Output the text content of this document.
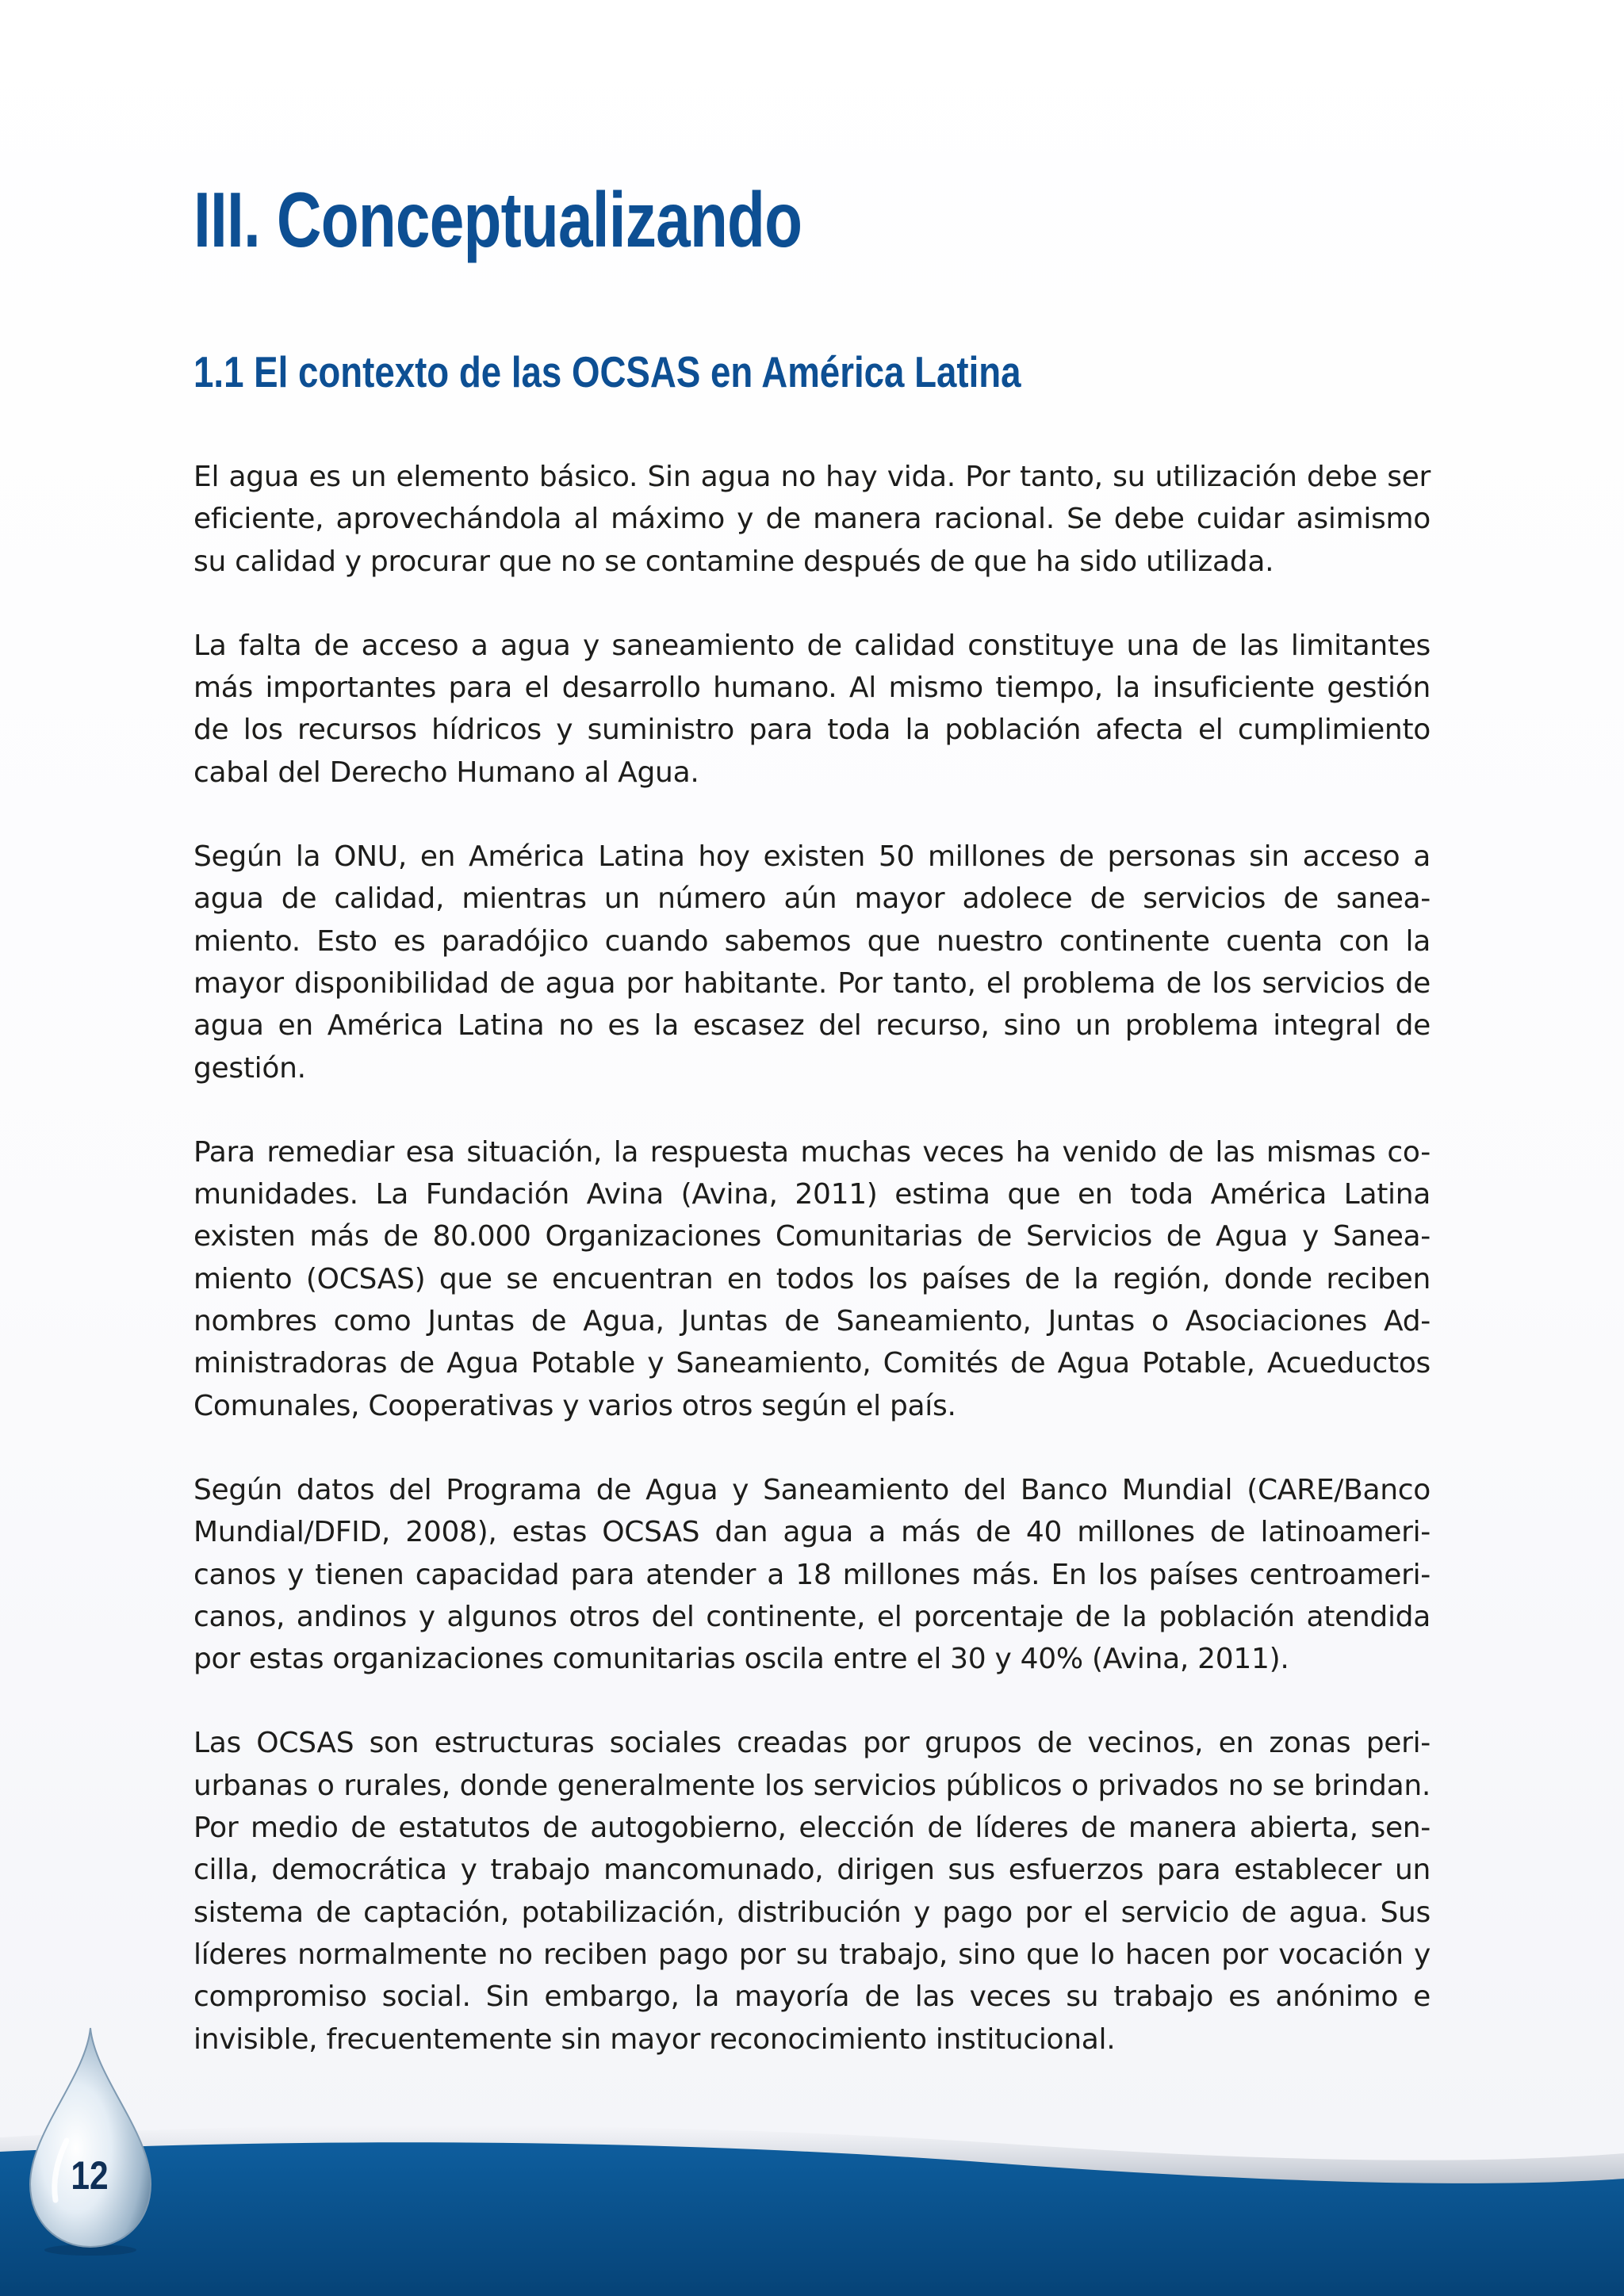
III. Conceptualizando
1.1 El contexto de las OCSAS en América Latina

El agua es un elemento básico. Sin agua no hay vida. Por tanto, su utilización debe ser eficiente, aprovechándola al máximo y de manera racional. Se debe cuidar asimismo su calidad y procurar que no se contamine después de que ha sido utilizada.

La falta de acceso a agua y saneamiento de calidad constituye una de las limitantes más importantes para el desarrollo humano. Al mismo tiempo, la insuficiente gestión de los recursos hídricos y suministro para toda la población afecta el cumplimiento cabal del Derecho Humano al Agua.

Según la ONU, en América Latina hoy existen 50 millones de personas sin acceso a agua de calidad, mientras un número aún mayor adolece de servicios de sanea-miento. Esto es paradójico cuando sabemos que nuestro continente cuenta con la mayor disponibilidad de agua por habitante. Por tanto, el problema de los servicios de agua en América Latina no es la escasez del recurso, sino un problema integral de gestión.

Para remediar esa situación, la respuesta muchas veces ha venido de las mismas co-munidades. La Fundación Avina (Avina, 2011) estima que en toda América Latina existen más de 80.000 Organizaciones Comunitarias de Servicios de Agua y Sanea-miento (OCSAS) que se encuentran en todos los países de la región, donde reciben nombres como Juntas de Agua, Juntas de Saneamiento, Juntas o Asociaciones Ad-ministradoras de Agua Potable y Saneamiento, Comités de Agua Potable, Acueductos Comunales, Cooperativas y varios otros según el país.

Según datos del Programa de Agua y Saneamiento del Banco Mundial (CARE/Banco Mundial/DFID, 2008), estas OCSAS dan agua a más de 40 millones de latinoameri-canos y tienen capacidad para atender a 18 millones más. En los países centroameri-canos, andinos y algunos otros del continente, el porcentaje de la población atendida por estas organizaciones comunitarias oscila entre el 30 y 40% (Avina, 2011).

Las OCSAS son estructuras sociales creadas por grupos de vecinos, en zonas peri-urbanas o rurales, donde generalmente los servicios públicos o privados no se brindan. Por medio de estatutos de autogobierno, elección de líderes de manera abierta, sen-cilla, democrática y trabajo mancomunado, dirigen sus esfuerzos para establecer un sistema de captación, potabilización, distribución y pago por el servicio de agua. Sus líderes normalmente no reciben pago por su trabajo, sino que lo hacen por vocación y compromiso social. Sin embargo, la mayoría de las veces su trabajo es anónimo e invisible, frecuentemente sin mayor reconocimiento institucional.

12
